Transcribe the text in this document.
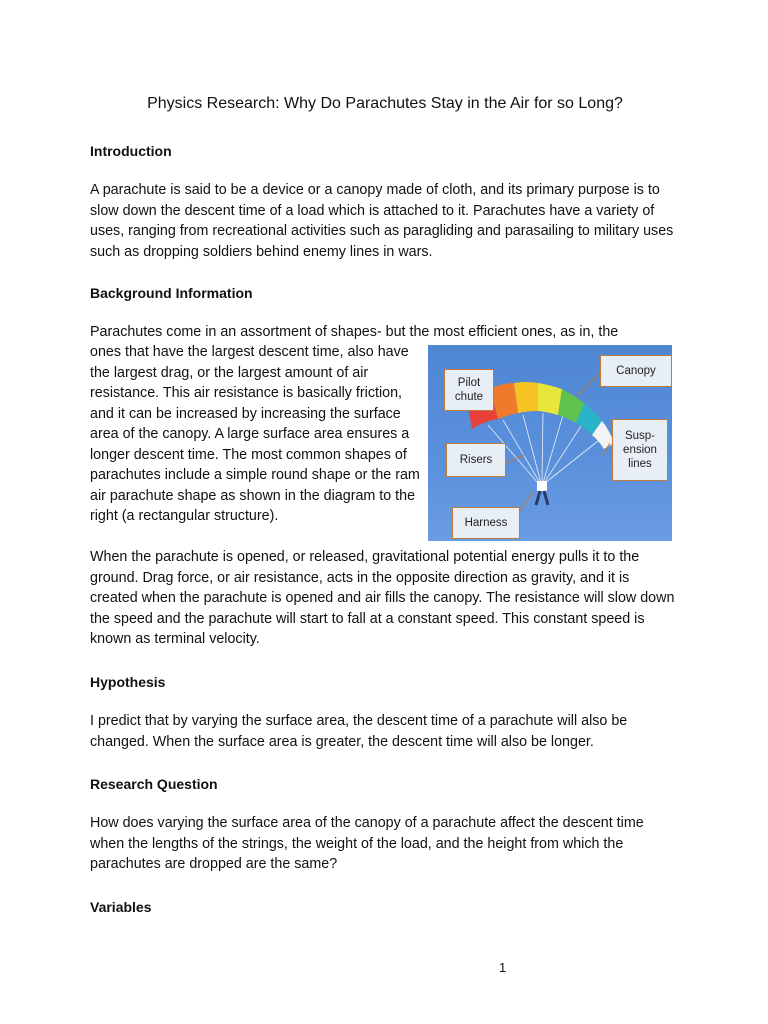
Physics Research: Why Do Parachutes Stay in the Air for so Long?
Introduction

A parachute is said to be a device or a canopy made of cloth, and its primary purpose is to slow down the descent time of a load which is attached to it. Parachutes have a variety of uses, ranging from recreational activities such as paragliding and parasailing to military uses such as dropping soldiers behind enemy lines in wars.

Background Information

Parachutes come in an assortment of shapes- but the most efficient ones, as in, the

ones that have the largest descent time, also have the largest drag, or the largest amount of air resistance. This air resistance is basically friction, and it can be increased by increasing the surface area of the canopy. A large surface area ensures a longer descent time. The most common shapes of parachutes include a simple round shape or the ram air parachute shape as shown in the diagram to the right (a rectangular structure).

When the parachute is opened, or released, gravitational potential energy pulls it to the ground. Drag force, or air resistance, acts in the opposite direction as gravity, and it is created when the parachute is opened and air fills the canopy. The resistance will slow down the speed and the parachute will start to fall at a constant speed. This constant speed is known as terminal velocity.

Hypothesis

I predict that by varying the surface area, the descent time of a parachute will also be changed. When the surface area is greater, the descent time will also be longer.

Research Question

How does varying the surface area of the canopy of a parachute affect the descent time when the lengths of the strings, the weight of the load, and the height from which the parachutes are dropped are the same?

Variables
Pilot
chute
Canopy
Risers
Susp-
ension
lines
Harness
1
